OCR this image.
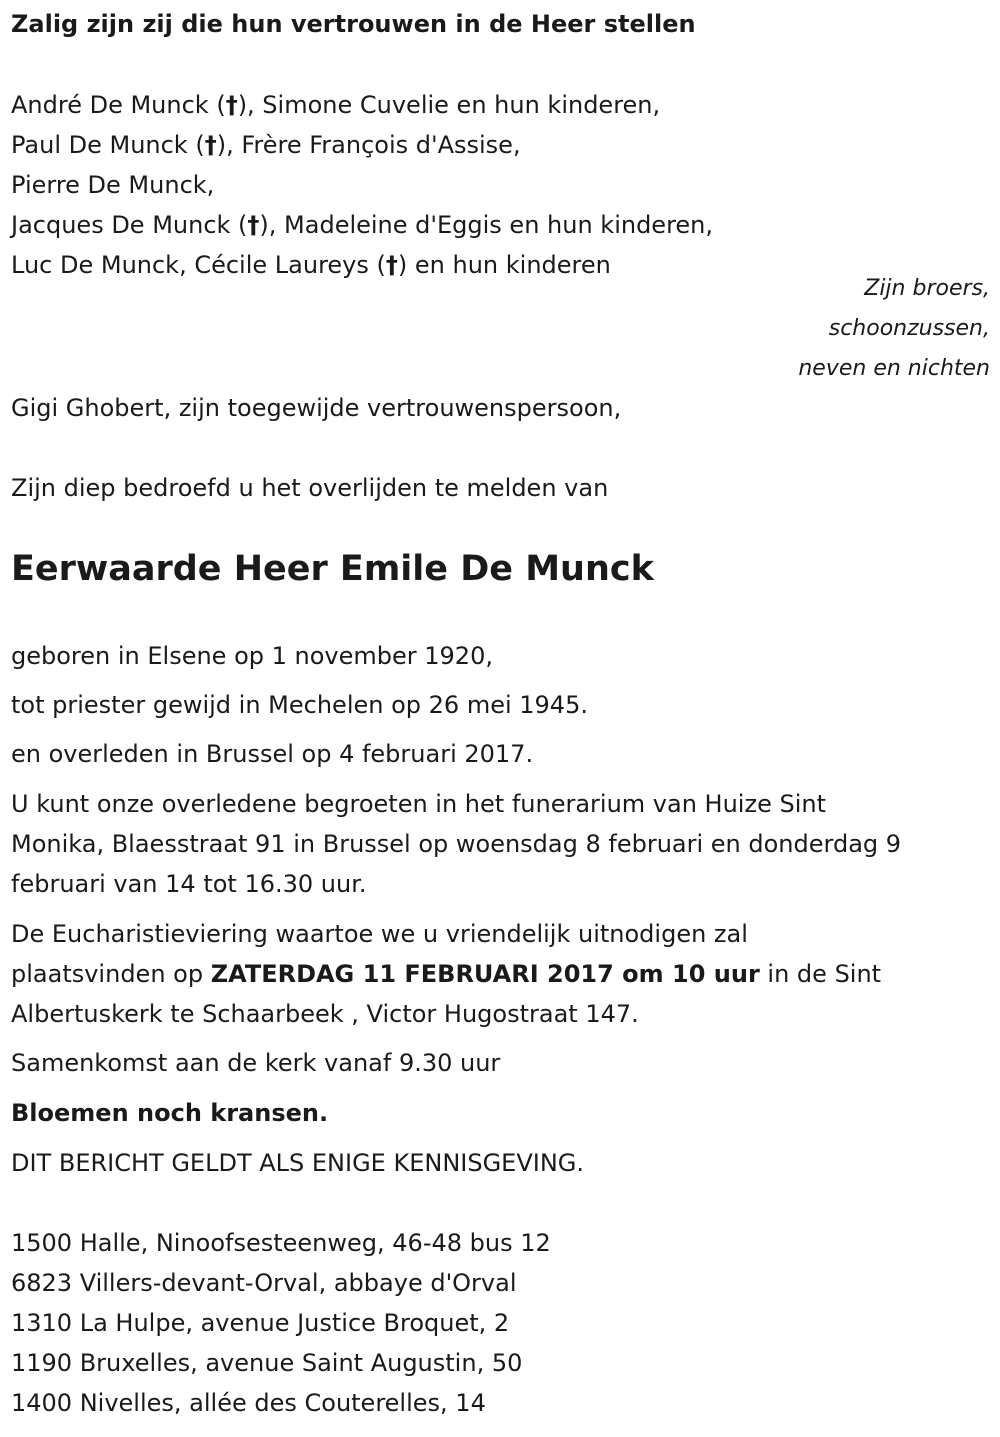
Zalig zijn zij die hun vertrouwen in de Heer stellen
André De Munck (†), Simone Cuvelie en hun kinderen,
Paul De Munck (†), Frère François d'Assise,
Pierre De Munck,
Jacques De Munck (†), Madeleine d'Eggis en hun kinderen,
Luc De Munck, Cécile Laureys (†) en hun kinderen
Zijn broers,
schoonzussen,
neven en nichten
Gigi Ghobert, zijn toegewijde vertrouwenspersoon,
Zijn diep bedroefd u het overlijden te melden van
Eerwaarde Heer Emile De Munck
geboren in Elsene op 1 november 1920,
tot priester gewijd in Mechelen op 26 mei 1945.
en overleden in Brussel op 4 februari 2017.
U kunt onze overledene begroeten in het funerarium van Huize Sint
Monika, Blaesstraat 91 in Brussel op woensdag 8 februari en donderdag 9
februari van 14 tot 16.30 uur.
De Eucharistieviering waartoe we u vriendelijk uitnodigen zal
plaatsvinden op ZATERDAG 11 FEBRUARI 2017 om 10 uur in de Sint
Albertuskerk te Schaarbeek , Victor Hugostraat 147.
Samenkomst aan de kerk vanaf 9.30 uur
Bloemen noch kransen.
DIT BERICHT GELDT ALS ENIGE KENNISGEVING.
1500 Halle, Ninoofsesteenweg, 46-48 bus 12
6823 Villers-devant-Orval, abbaye d'Orval
1310 La Hulpe, avenue Justice Broquet, 2
1190 Bruxelles, avenue Saint Augustin, 50
1400 Nivelles, allée des Couterelles, 14
